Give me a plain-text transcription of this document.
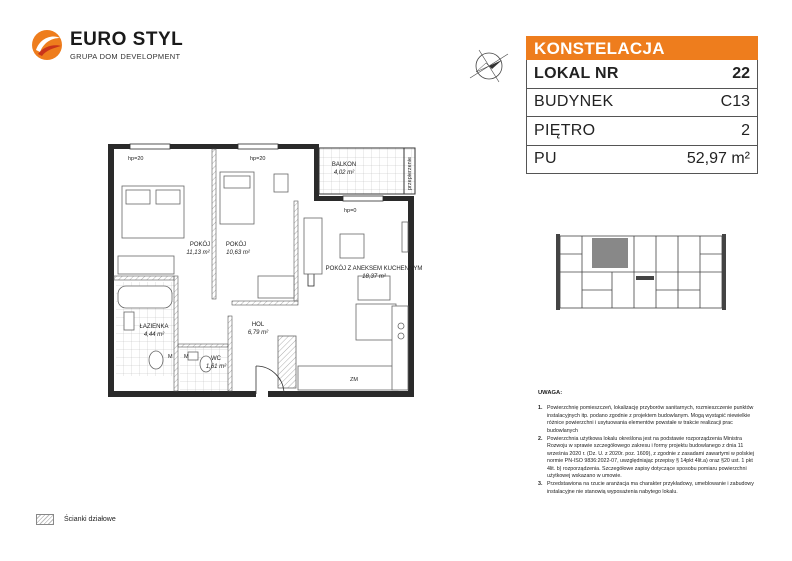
EURO STYL
GRUPA DOM DEVELOPMENT	KONSTELACJA
LOKAL NR	22
BUDYNEK	C13
PIĘTRO	2
PU	52,97 m²
hp=20	hp=20
hp=0
ZM
M M
przepierzenie
POKÓJ
11,13 m²
POKÓJ
10,63 m²
BALKON
4,02 m²
POKÓJ Z ANEKSEM KUCHENNYM
18,37 m²
HOL
6,79 m²
ŁAZIENKA
4,44 m²
WC
1,61 m²
UWAGA:
1. Powierzchnię pomieszczeń, lokalizację przyborów sanitarnych, rozmieszczenie punktów instalacyjnych itp. podano zgodnie z projektem budowlanym. Mogą wystąpić niewielkie różnice powierzchni i usytuowania elementów powstałe w trakcie realizacji prac budowlanych
2. Powierzchnia użytkowa lokalu określona jest na podstawie rozporządzenia Ministra Rozwoju w sprawie szczegółowego zakresu i formy projektu budowlanego z dnia 11 września 2020 r. (Dz. U. z 2020r. poz. 1609), z zgodnie z zasadami zawartymi w polskiej normie PN-ISO 9836:2022-07, uwzględniając przepisy § 14pkt 4lit.a) oraz §20 ust. 1 pkt 4lit. b) rozporządzenia. Szczegółowe zapisy dotyczące sposobu pomiaru powierzchni użytkowej wskazano w umowie.
3. Przedstawiona na rzucie aranżacja ma charakter przykładowy, umeblowanie i zabudowy instalacyjne nie stanowią wyposażenia nabytego lokalu.
Ścianki działowe
